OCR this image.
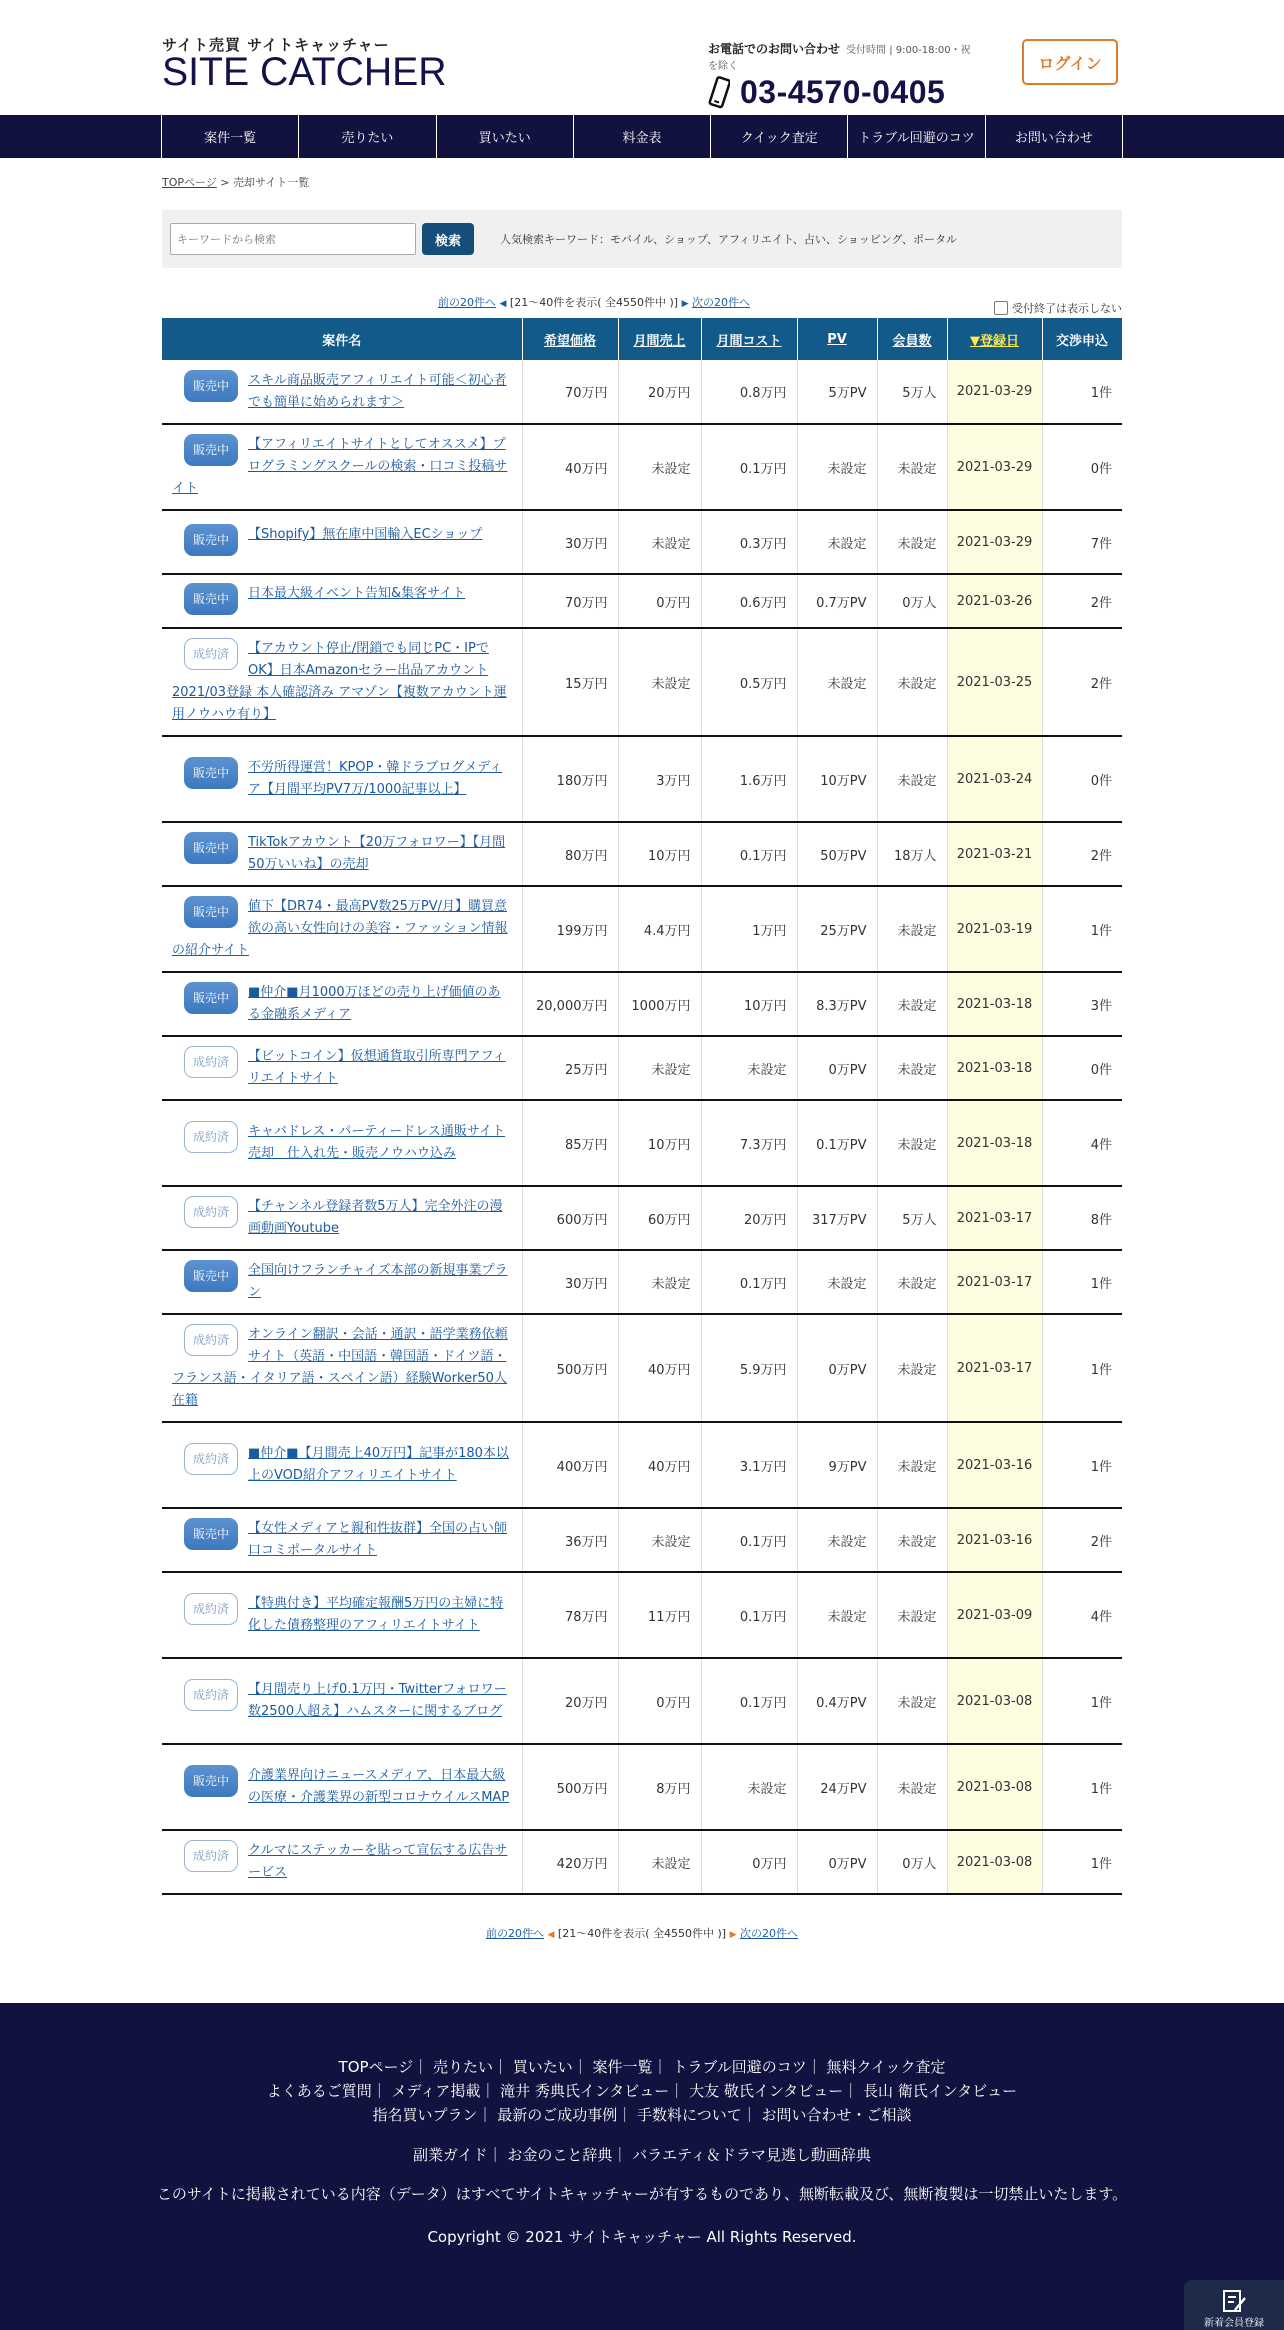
サイト売買 サイトキャッチャー
SITE CATCHER
お電話でのお問い合わせ 受付時間 | 9:00-18:00・祝を除く
03-4570-0405
ログイン
案件一覧	売りたい	買いたい	料金表	クイック査定	トラブル回避のコツ	お問い合わせ
TOPページ > 売却サイト一覧
キーワードから検索
検索	人気検索キーワード：モバイル、ショップ、アフィリエイト、占い、ショッピング、ポータル
前の20件へ ◀ [21～40件を表示( 全4550件中 )] ▶ 次の20件へ	受付終了は表示しない
案件名	希望価格	月間売上	月間コスト	PV	会員数	▼登録日	交渉申込

販売中 スキル商品販売アフィリエイト可能＜初心者でも簡単に始められます＞	70万円	20万円	0.8万円	5万PV	5万人	2021-03-29	1件

販売中 【アフィリエイトサイトとしてオススメ】プログラミングスクールの検索・口コミ投稿サイト	40万円	未設定	0.1万円	未設定	未設定	2021-03-29	0件

販売中 【Shopify】無在庫中国輸入ECショップ	30万円	未設定	0.3万円	未設定	未設定	2021-03-29	7件

販売中 日本最大級イベント告知&集客サイト	70万円	0万円	0.6万円	0.7万PV	0万人	2021-03-26	2件

成約済 【アカウント停止/閉鎖でも同じPC・IPでOK】日本Amazonセラー出品アカウント 2021/03登録 本人確認済み アマゾン【複数アカウント運用ノウハウ有り】	15万円	未設定	0.5万円	未設定	未設定	2021-03-25	2件

販売中 不労所得運営！KPOP・韓ドラブログメディア【月間平均PV7万/1000記事以上】	180万円	3万円	1.6万円	10万PV	未設定	2021-03-24	0件

販売中 TikTokアカウント【20万フォロワー】【月間50万いいね】の売却	80万円	10万円	0.1万円	50万PV	18万人	2021-03-21	2件

販売中 値下【DR74・最高PV数25万PV/月】購買意欲の高い女性向けの美容・ファッション情報の紹介サイト	199万円	4.4万円	1万円	25万PV	未設定	2021-03-19	1件

販売中 ■仲介■月1000万ほどの売り上げ価値のある金融系メディア	20,000万円	1000万円	10万円	8.3万PV	未設定	2021-03-18	3件

成約済 【ビットコイン】仮想通貨取引所専門アフィリエイトサイト	25万円	未設定	未設定	0万PV	未設定	2021-03-18	0件

成約済 キャバドレス・パーティードレス通販サイト売却　仕入れ先・販売ノウハウ込み	85万円	10万円	7.3万円	0.1万PV	未設定	2021-03-18	4件

成約済 【チャンネル登録者数5万人】完全外注の漫画動画Youtube	600万円	60万円	20万円	317万PV	5万人	2021-03-17	8件

販売中 全国向けフランチャイズ本部の新規事業プラン	30万円	未設定	0.1万円	未設定	未設定	2021-03-17	1件

成約済 オンライン翻訳・会話・通訳・語学業務依頼サイト（英語・中国語・韓国語・ドイツ語・フランス語・イタリア語・スペイン語）経験Worker50人在籍	500万円	40万円	5.9万円	0万PV	未設定	2021-03-17	1件

成約済 ■仲介■【月間売上40万円】記事が180本以上のVOD紹介アフィリエイトサイト	400万円	40万円	3.1万円	9万PV	未設定	2021-03-16	1件

販売中 【女性メディアと親和性抜群】全国の占い師口コミポータルサイト	36万円	未設定	0.1万円	未設定	未設定	2021-03-16	2件

成約済 【特典付き】平均確定報酬5万円の主婦に特化した債務整理のアフィリエイトサイト	78万円	11万円	0.1万円	未設定	未設定	2021-03-09	4件

成約済 【月間売り上げ0.1万円・Twitterフォロワー数2500人超え】ハムスターに関するブログ	20万円	0万円	0.1万円	0.4万PV	未設定	2021-03-08	1件

販売中 介護業界向けニュースメディア、日本最大級の医療・介護業界の新型コロナウイルスMAP	500万円	8万円	未設定	24万PV	未設定	2021-03-08	1件

成約済 クルマにステッカーを貼って宣伝する広告サービス	420万円	未設定	0万円	0万PV	0万人	2021-03-08	1件
前の20件へ ◀ [21～40件を表示( 全4550件中 )] ▶ 次の20件へ
TOPページ｜ 売りたい｜ 買いたい｜ 案件一覧｜ トラブル回避のコツ｜ 無料クイック査定
よくあるご質問｜ メディア掲載｜ 滝井 秀典氏インタビュー｜ 大友 敬氏インタビュー｜ 長山 衛氏インタビュー
指名買いプラン｜ 最新のご成功事例｜ 手数料について｜ お問い合わせ・ご相談
副業ガイド｜ お金のこと辞典｜ バラエティ＆ドラマ見逃し動画辞典
このサイトに掲載されている内容（データ）はすべてサイトキャッチャーが有するものであり、無断転載及び、無断複製は一切禁止いたします。
Copyright © 2021 サイトキャッチャー All Rights Reserved.
新着会員登録
